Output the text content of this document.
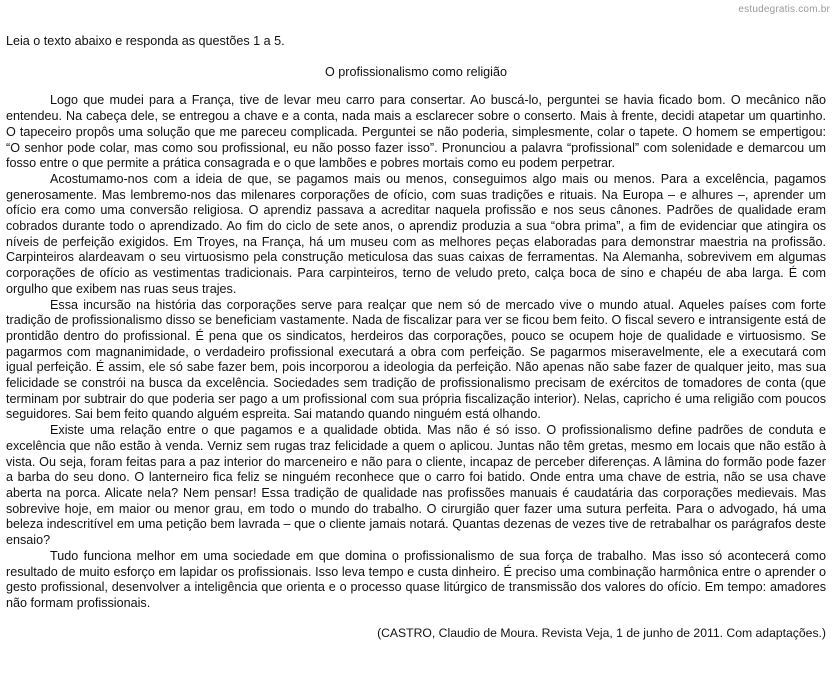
estudegratis.com.br

Leia o texto abaixo e responda as questões 1 a 5.

O profissionalismo como religião

Logo que mudei para a França, tive de levar meu carro para consertar. Ao buscá-lo, perguntei se havia ficado bom. O mecânico não entendeu. Na cabeça dele, se entregou a chave e a conta, nada mais a esclarecer sobre o conserto. Mais à frente, decidi atapetar um quartinho. O tapeceiro propôs uma solução que me pareceu complicada. Perguntei se não poderia, simplesmente, colar o tapete. O homem se empertigou: “O senhor pode colar, mas como sou profissional, eu não posso fazer isso”. Pronunciou a palavra “profissional” com solenidade e demarcou um fosso entre o que permite a prática consagrada e o que lambões e pobres mortais como eu podem perpetrar.

Acostumamo-nos com a ideia de que, se pagamos mais ou menos, conseguimos algo mais ou menos. Para a excelência, pagamos generosamente. Mas lembremo-nos das milenares corporações de ofício, com suas tradições e rituais. Na Europa – e alhures –, aprender um ofício era como uma conversão religiosa. O aprendiz passava a acreditar naquela profissão e nos seus cânones. Padrões de qualidade eram cobrados durante todo o aprendizado. Ao fim do ciclo de sete anos, o aprendiz produzia a sua “obra prima”, a fim de evidenciar que atingira os níveis de perfeição exigidos. Em Troyes, na França, há um museu com as melhores peças elaboradas para demonstrar maestria na profissão. Carpinteiros alardeavam o seu virtuosismo pela construção meticulosa das suas caixas de ferramentas. Na Alemanha, sobrevivem em algumas corporações de ofício as vestimentas tradicionais. Para carpinteiros, terno de veludo preto, calça boca de sino e chapéu de aba larga. É com orgulho que exibem nas ruas seus trajes.

Essa incursão na história das corporações serve para realçar que nem só de mercado vive o mundo atual. Aqueles países com forte tradição de profissionalismo disso se beneficiam vastamente. Nada de fiscalizar para ver se ficou bem feito. O fiscal severo e intransigente está de prontidão dentro do profissional. É pena que os sindicatos, herdeiros das corporações, pouco se ocupem hoje de qualidade e virtuosismo. Se pagarmos com magnanimidade, o verdadeiro profissional executará a obra com perfeição. Se pagarmos miseravelmente, ele a executará com igual perfeição. É assim, ele só sabe fazer bem, pois incorporou a ideologia da perfeição. Não apenas não sabe fazer de qualquer jeito, mas sua felicidade se constrói na busca da excelência. Sociedades sem tradição de profissionalismo precisam de exércitos de tomadores de conta (que terminam por subtrair do que poderia ser pago a um profissional com sua própria fiscalização interior). Nelas, capricho é uma religião com poucos seguidores. Sai bem feito quando alguém espreita. Sai matando quando ninguém está olhando.

Existe uma relação entre o que pagamos e a qualidade obtida. Mas não é só isso. O profissionalismo define padrões de conduta e excelência que não estão à venda. Verniz sem rugas traz felicidade a quem o aplicou. Juntas não têm gretas, mesmo em locais que não estão à vista. Ou seja, foram feitas para a paz interior do marceneiro e não para o cliente, incapaz de perceber diferenças. A lâmina do formão pode fazer a barba do seu dono. O lanterneiro fica feliz se ninguém reconhece que o carro foi batido. Onde entra uma chave de estria, não se usa chave aberta na porca. Alicate nela? Nem pensar! Essa tradição de qualidade nas profissões manuais é caudatária das corporações medievais. Mas sobrevive hoje, em maior ou menor grau, em todo o mundo do trabalho. O cirurgião quer fazer uma sutura perfeita. Para o advogado, há uma beleza indescritível em uma petição bem lavrada – que o cliente jamais notará. Quantas dezenas de vezes tive de retrabalhar os parágrafos deste ensaio?

Tudo funciona melhor em uma sociedade em que domina o profissionalismo de sua força de trabalho. Mas isso só acontecerá como resultado de muito esforço em lapidar os profissionais. Isso leva tempo e custa dinheiro. É preciso uma combinação harmônica entre o aprender o gesto profissional, desenvolver a inteligência que orienta e o processo quase litúrgico de transmissão dos valores do ofício. Em tempo: amadores não formam profissionais.

(CASTRO, Claudio de Moura. Revista Veja, 1 de junho de 2011. Com adaptações.)
